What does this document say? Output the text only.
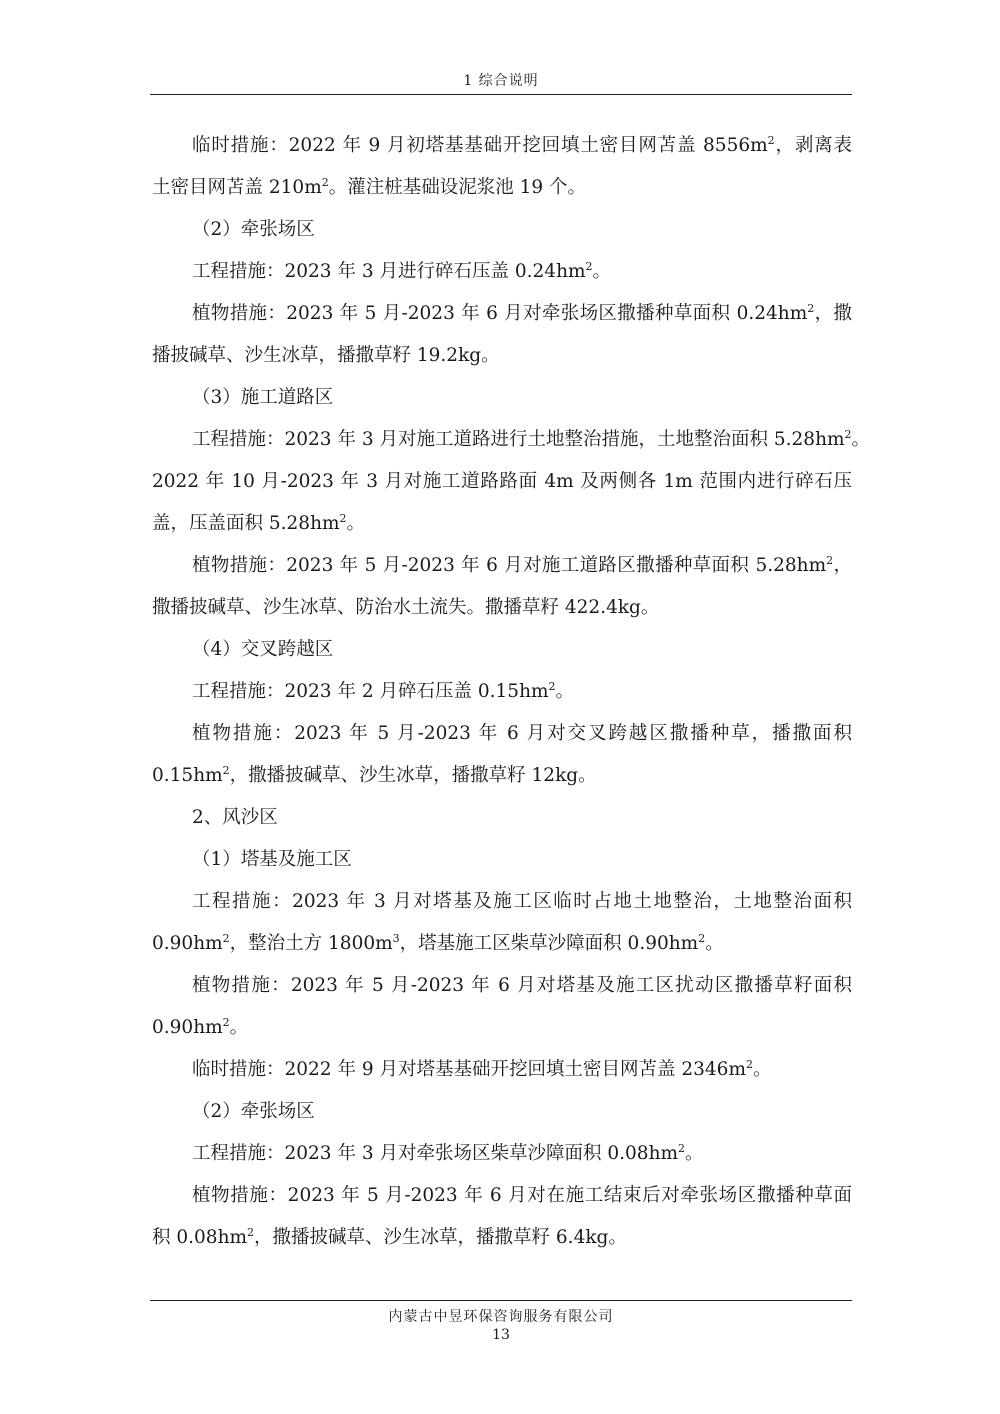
1 综合说明
临时措施：2022 年 9 月初塔基基础开挖回填土密目网苫盖 $8556m^2$，剥离表
土密目网苫盖 $210m^2$。灌注桩基础设泥浆池 19 个。
（2）牵张场区
工程措施：2023 年 3 月进行碎石压盖 $0.24hm^2$。
植物措施：2023 年 5 月-2023 年 6 月对牵张场区撒播种草面积 $0.24hm^2$，撒
播披碱草、沙生冰草，播撒草籽 19.2kg。
（3）施工道路区
工程措施：2023 年 3 月对施工道路进行土地整治措施，土地整治面积 $5.28hm^2$。
2022 年 10 月-2023 年 3 月对施工道路路面 4m 及两侧各 1m 范围内进行碎石压
盖，压盖面积 $5.28hm^2$。
植物措施：2023 年 5 月-2023 年 6 月对施工道路区撒播种草面积 $5.28hm^2$，
撒播披碱草、沙生冰草、防治水土流失。撒播草籽 422.4kg。
（4）交叉跨越区
工程措施：2023 年 2 月碎石压盖 $0.15hm^2$。
植物措施：2023 年 5 月-2023 年 6 月对交叉跨越区撒播种草，播撒面积
$0.15hm^2$，撒播披碱草、沙生冰草，播撒草籽 12kg。
2、风沙区
（1）塔基及施工区
工程措施：2023 年 3 月对塔基及施工区临时占地土地整治，土地整治面积
$0.90hm^2$，整治土方 $1800m^3$，塔基施工区柴草沙障面积 $0.90hm^2$。
植物措施：2023 年 5 月-2023 年 6 月对塔基及施工区扰动区撒播草籽面积
$0.90hm^2$。
临时措施：2022 年 9 月对塔基基础开挖回填土密目网苫盖 $2346m^2$。
（2）牵张场区
工程措施：2023 年 3 月对牵张场区柴草沙障面积 $0.08hm^2$。
植物措施：2023 年 5 月-2023 年 6 月对在施工结束后对牵张场区撒播种草面
积 $0.08hm^2$，撒播披碱草、沙生冰草，播撒草籽 6.4kg。
内蒙古中昱环保咨询服务有限公司
13
